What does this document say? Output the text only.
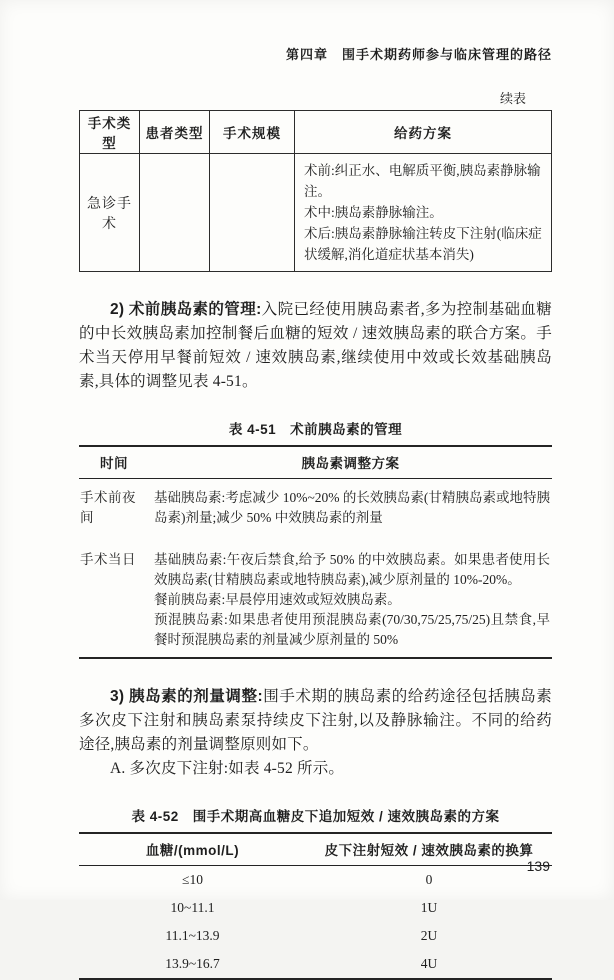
第四章　围手术期药师参与临床管理的路径
续表
手术类型	患者类型	手术规模	给药方案
急诊手术			术前:纠正水、电解质平衡,胰岛素静脉输注。
术中:胰岛素静脉输注。
术后:胰岛素静脉输注转皮下注射(临床症状缓解,消化道症状基本消失)

2) 术前胰岛素的管理:入院已经使用胰岛素者,多为控制基础血糖的中长效胰岛素加控制餐后血糖的短效 / 速效胰岛素的联合方案。手术当天停用早餐前短效 / 速效胰岛素,继续使用中效或长效基础胰岛素,具体的调整见表 4-51。

表 4-51　术前胰岛素的管理
时间	胰岛素调整方案
手术前夜间	基础胰岛素:考虑减少 10%~20% 的长效胰岛素(甘精胰岛素或地特胰岛素)剂量;减少 50% 中效胰岛素的剂量

手术当日	基础胰岛素:午夜后禁食,给予 50% 的中效胰岛素。如果患者使用长效胰岛素(甘精胰岛素或地特胰岛素),减少原剂量的 10%-20%。
餐前胰岛素:早晨停用速效或短效胰岛素。
预混胰岛素:如果患者使用预混胰岛素(70/30,75/25,75/25)且禁食,早餐时预混胰岛素的剂量减少原剂量的 50%

3) 胰岛素的剂量调整:围手术期的胰岛素的给药途径包括胰岛素多次皮下注射和胰岛素泵持续皮下注射,以及静脉输注。不同的给药途径,胰岛素的剂量调整原则如下。

A. 多次皮下注射:如表 4-52 所示。

表 4-52　围手术期高血糖皮下追加短效 / 速效胰岛素的方案
血糖/(mmol/L)	皮下注射短效 / 速效胰岛素的换算
≤10	0
10~11.1	1U
11.1~13.9	2U
13.9~16.7	4U
139
